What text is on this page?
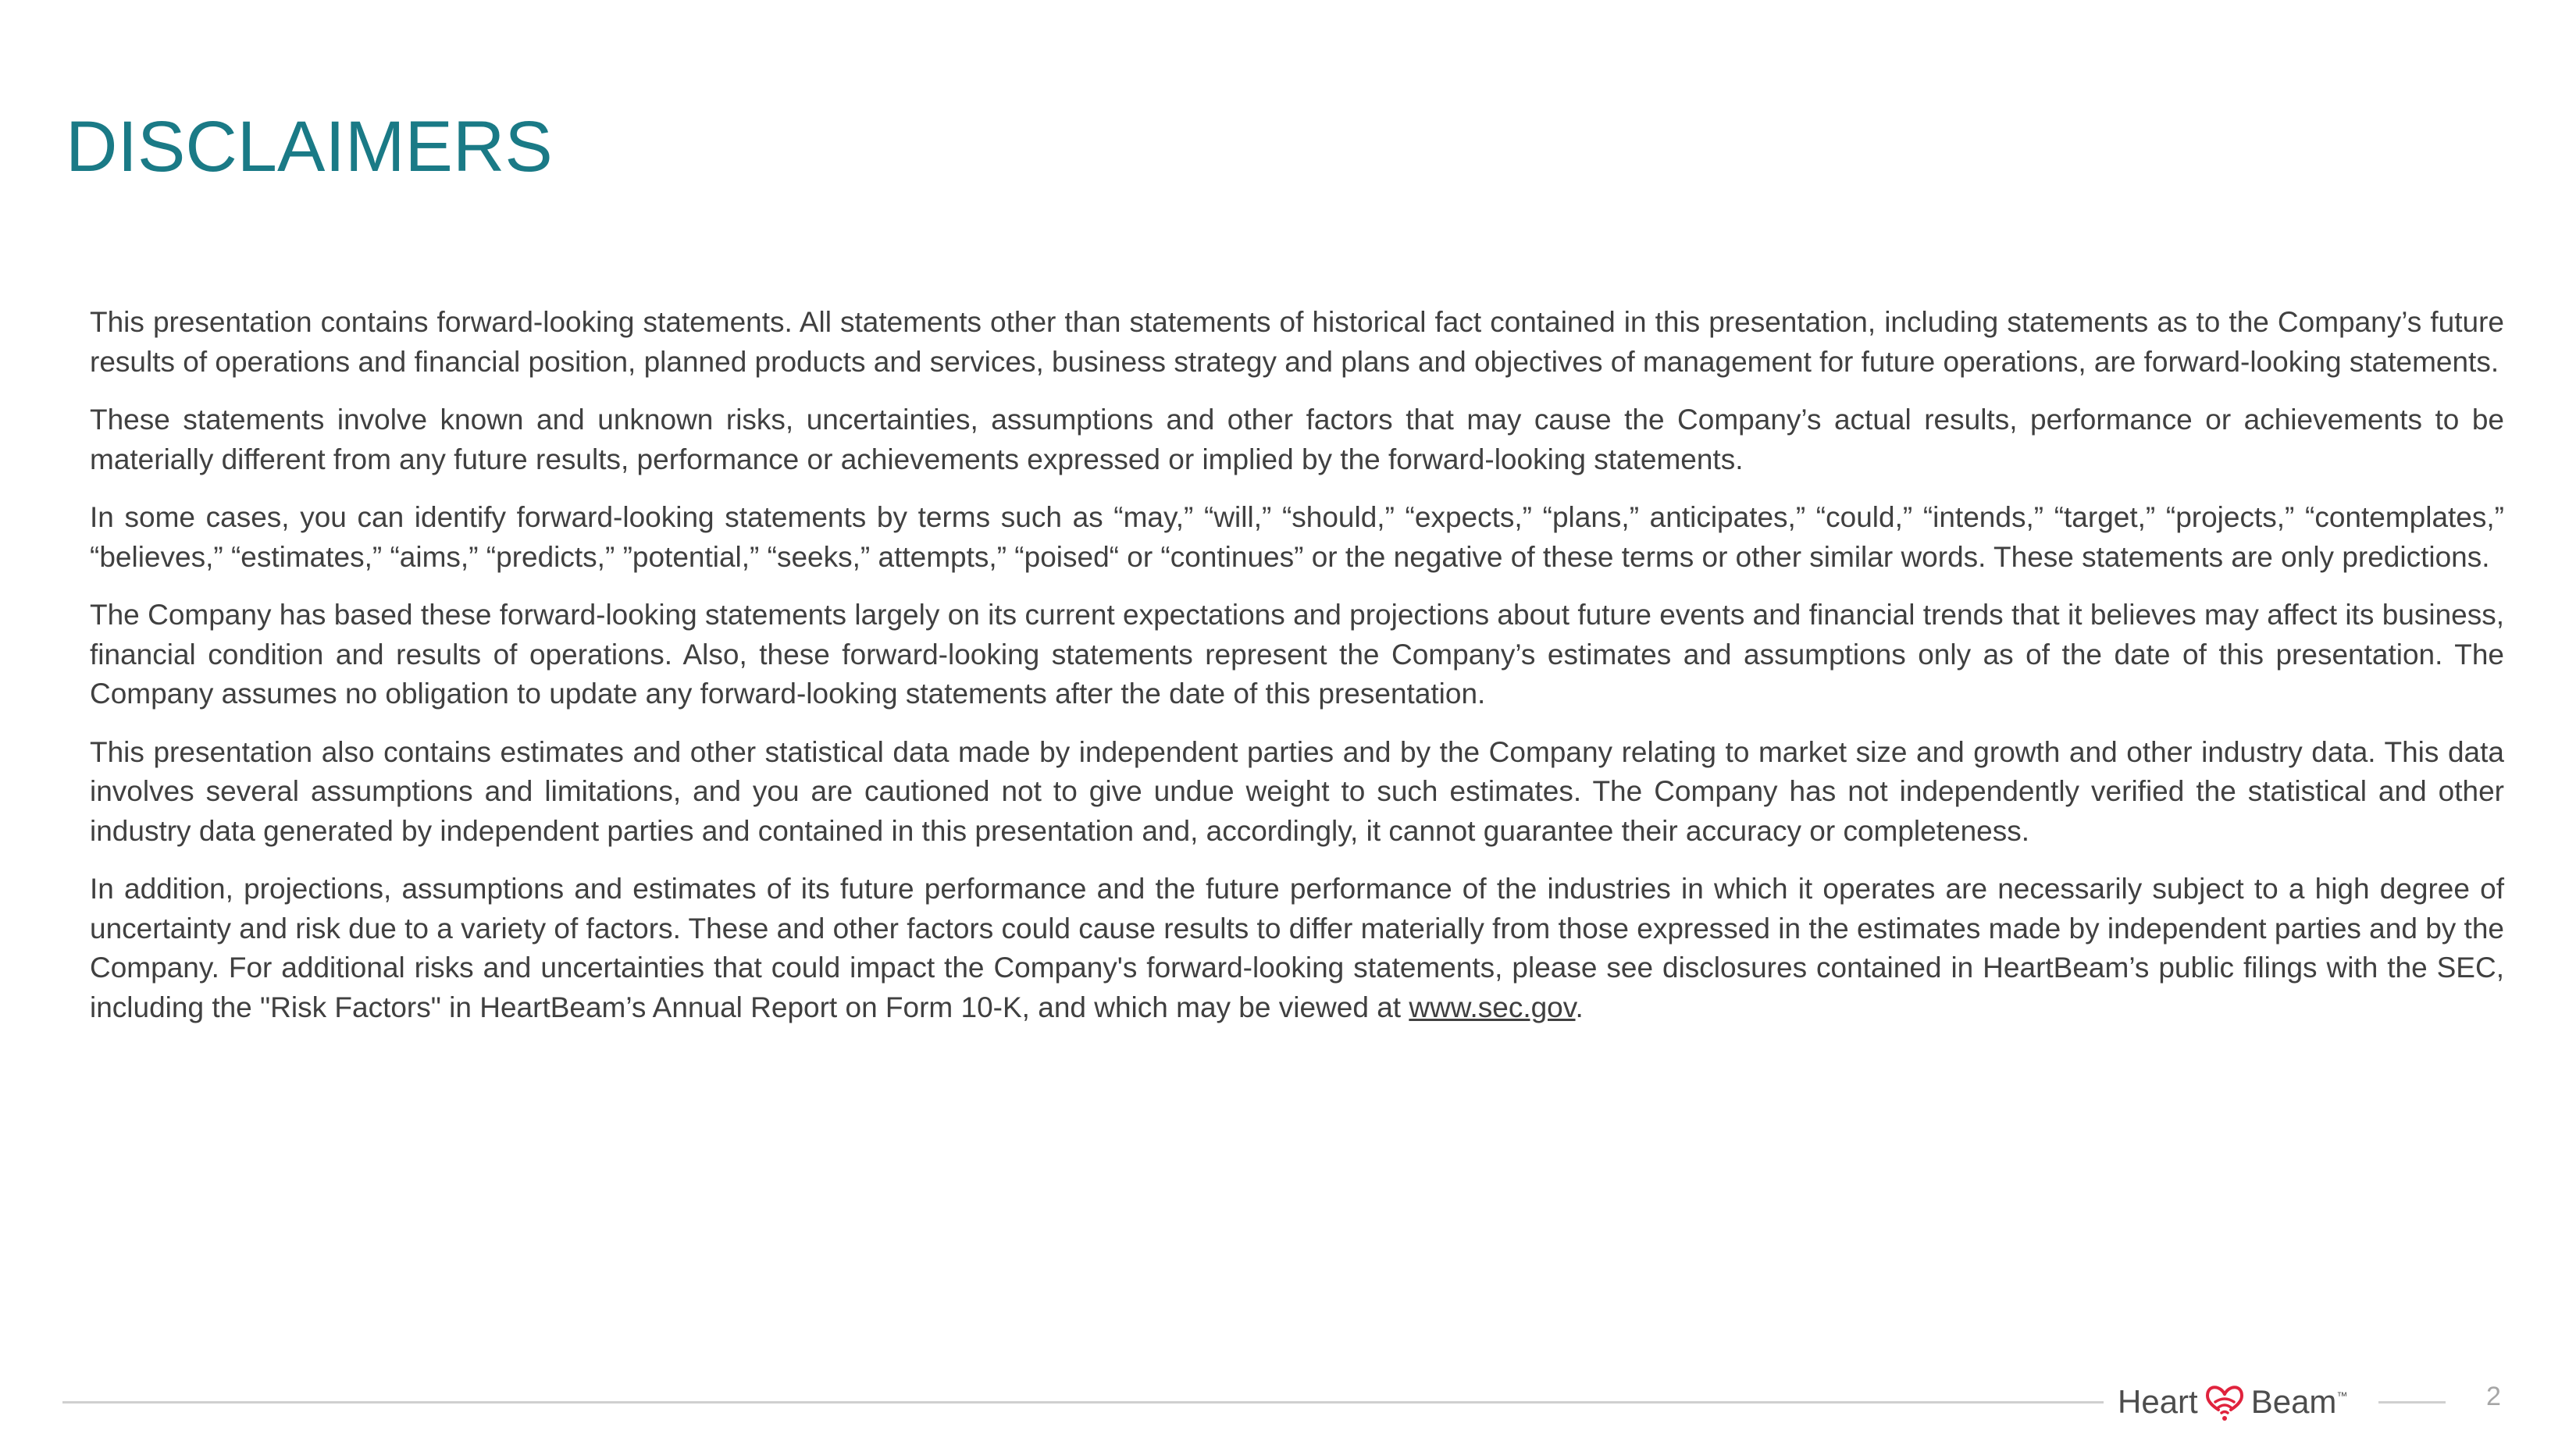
DISCLAIMERS

This presentation contains forward-looking statements. All statements other than statements of historical fact contained in this presentation, including statements as to the Company’s future results of operations and financial position, planned products and services, business strategy and plans and objectives of management for future operations, are forward-looking statements.

These statements involve known and unknown risks, uncertainties, assumptions and other factors that may cause the Company’s actual results, performance or achievements to be materially different from any future results, performance or achievements expressed or implied by the forward-looking statements.

In some cases, you can identify forward-looking statements by terms such as “may,” “will,” “should,” “expects,” “plans,” anticipates,” “could,” “intends,” “target,” “projects,” “contemplates,” “believes,” “estimates,” “aims,” “predicts,” ”potential,” “seeks,” attempts,” “poised“ or “continues” or the negative of these terms or other similar words. These statements are only predictions.

The Company has based these forward-looking statements largely on its current expectations and projections about future events and financial trends that it believes may affect its business, financial condition and results of operations. Also, these forward-looking statements represent the Company’s estimates and assumptions only as of the date of this presentation. The Company assumes no obligation to update any forward-looking statements after the date of this presentation.

This presentation also contains estimates and other statistical data made by independent parties and by the Company relating to market size and growth and other industry data. This data involves several assumptions and limitations, and you are cautioned not to give undue weight to such estimates. The Company has not independently verified the statistical and other industry data generated by independent parties and contained in this presentation and, accordingly, it cannot guarantee their accuracy or completeness.

In addition, projections, assumptions and estimates of its future performance and the future performance of the industries in which it operates are necessarily subject to a high degree of uncertainty and risk due to a variety of factors. These and other factors could cause results to differ materially from those expressed in the estimates made by independent parties and by the Company. For additional risks and uncertainties that could impact the Company's forward-looking statements, please see disclosures contained in HeartBeam’s public filings with the SEC, including the "Risk Factors" in HeartBeam’s Annual Report on Form 10-K, and which may be viewed at www.sec.gov.

Heart Beam ™	2
